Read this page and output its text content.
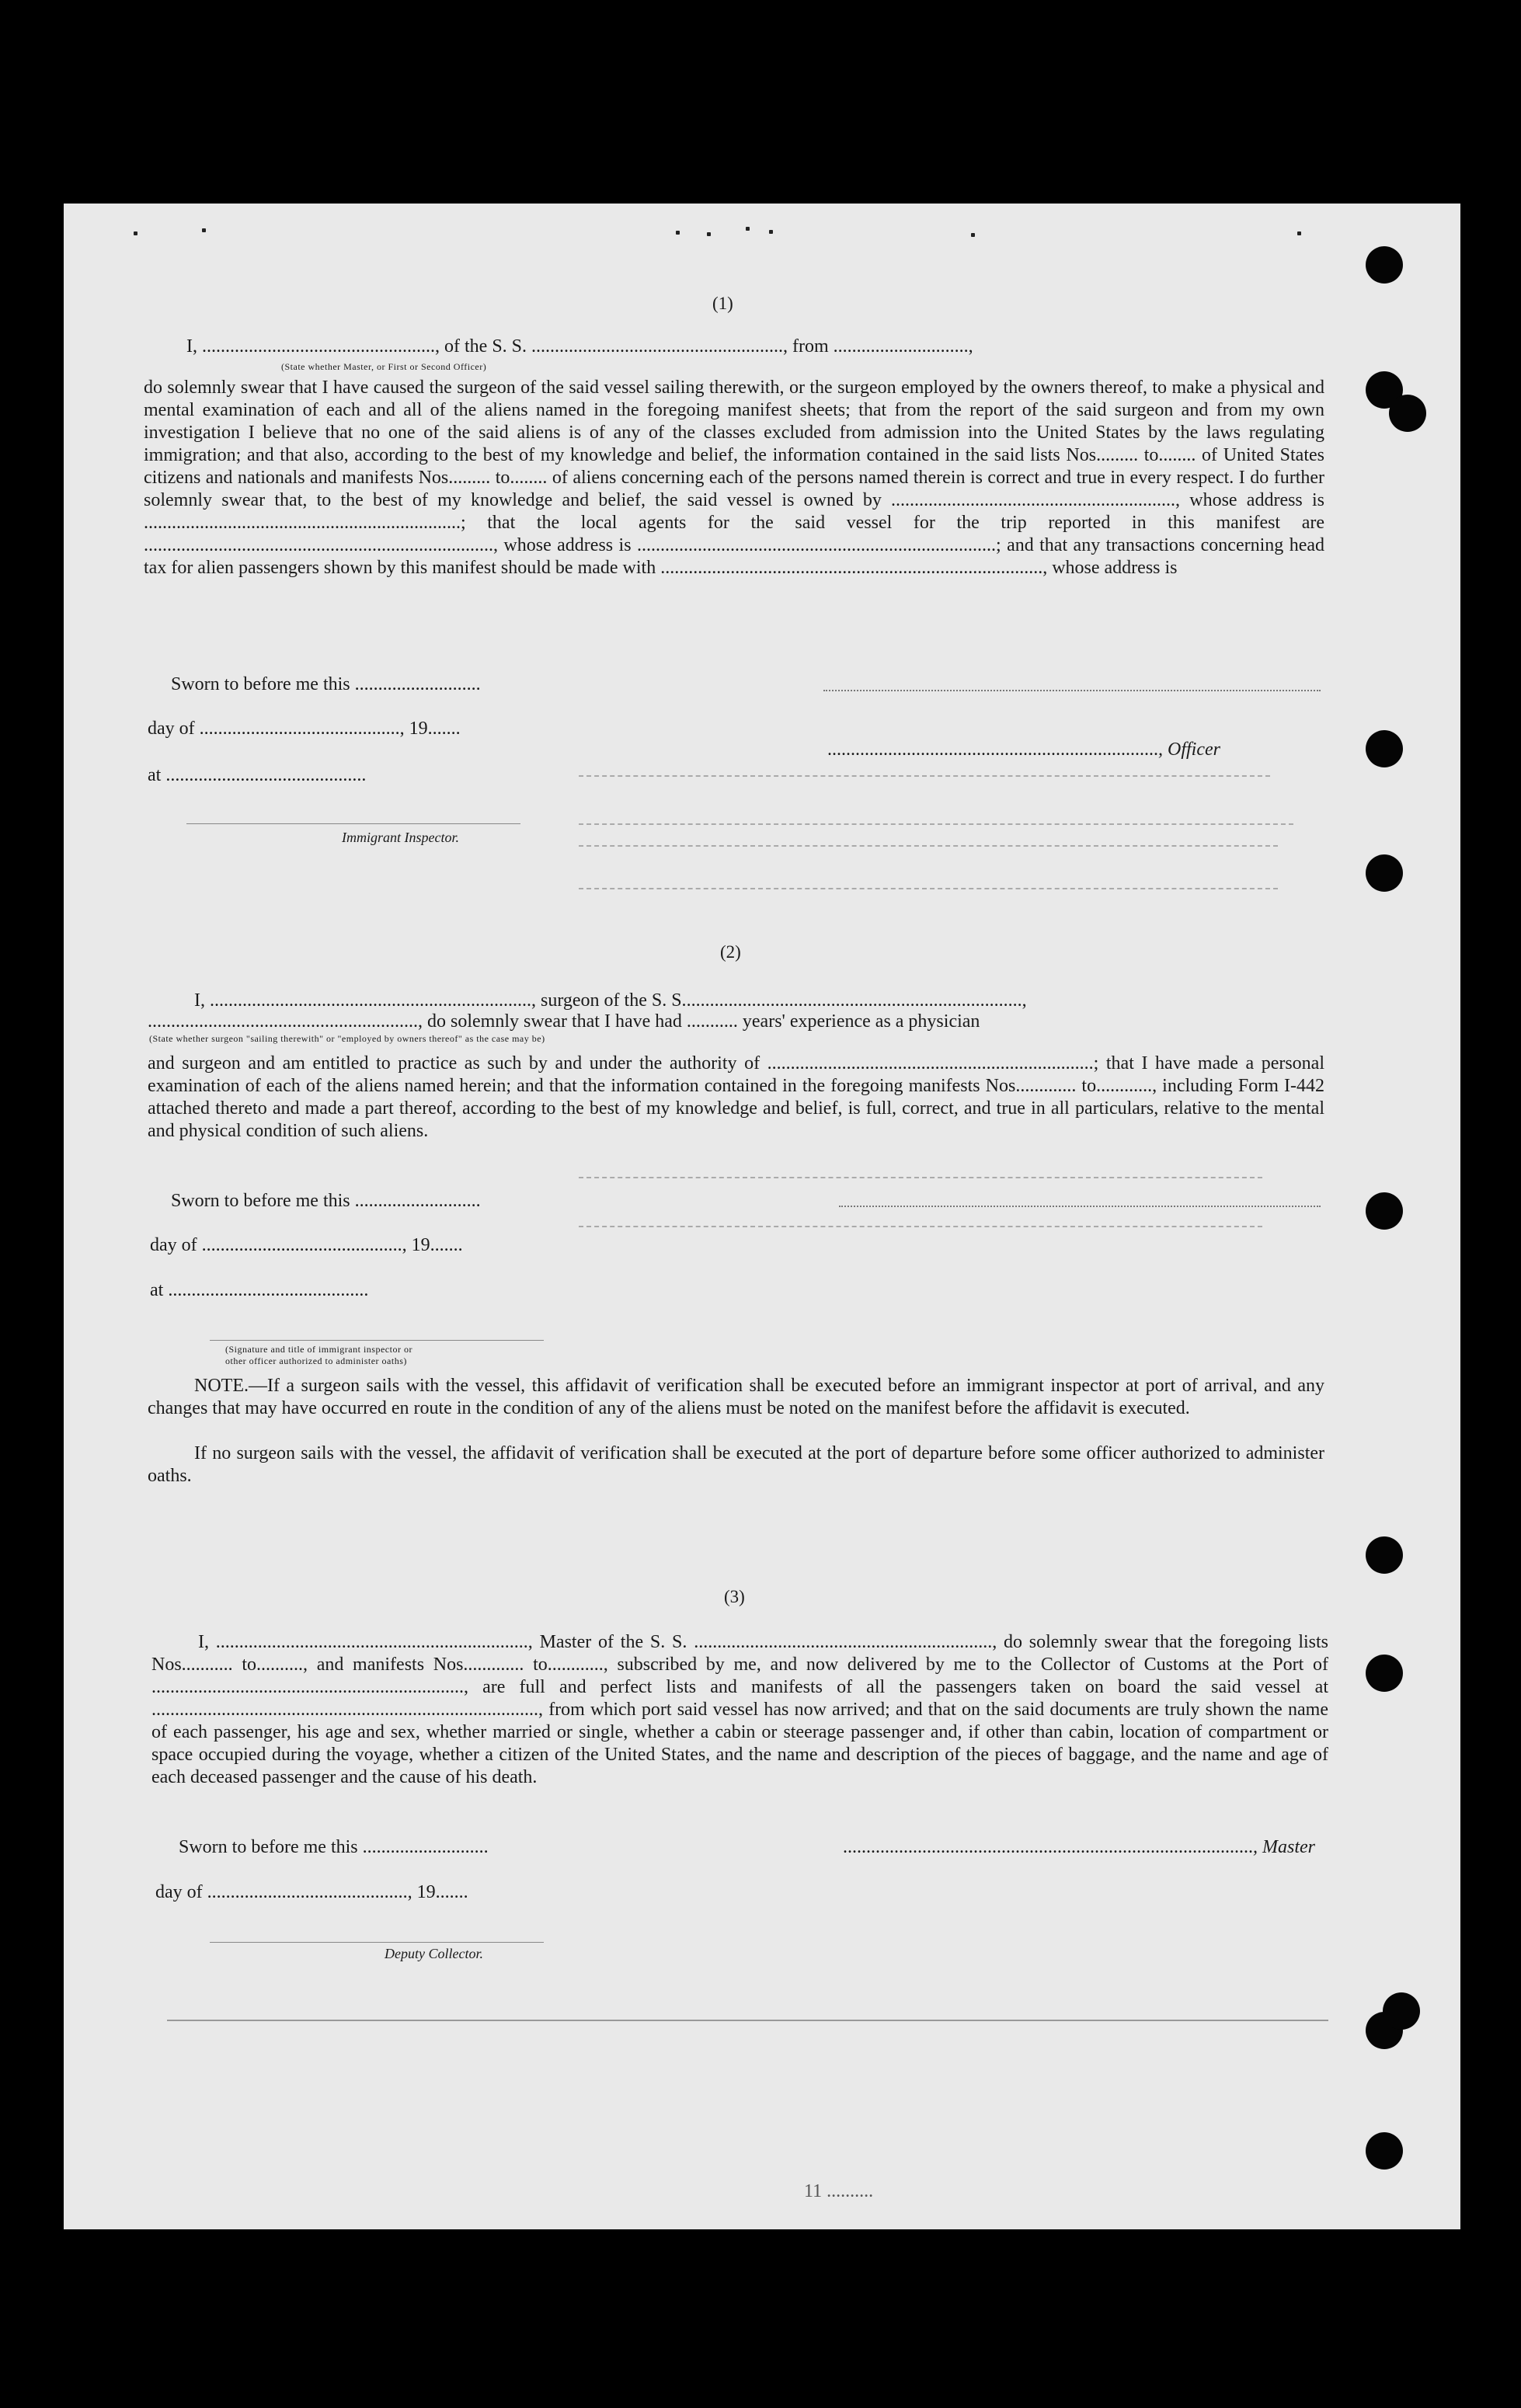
(1)
I, .................................................., of the S. S. ......................................................, from .............................,
(State whether Master, or First or Second Officer)
do solemnly swear that I have caused the surgeon of the said vessel sailing therewith, or the surgeon employed by the owners thereof, to make a physical and mental examination of each and all of the aliens named in the foregoing manifest sheets; that from the report of the said surgeon and from my own investigation I believe that no one of the said aliens is of any of the classes excluded from admission into the United States by the laws regulating immigration; and that also, according to the best of my knowledge and belief, the information contained in the said lists Nos......... to........ of United States citizens and nationals and manifests Nos......... to........ of aliens concerning each of the persons named therein is correct and true in every respect. I do further solemnly swear that, to the best of my knowledge and belief, the said vessel is owned by ............................................................., whose address is ....................................................................; that the local agents for the said vessel for the trip reported in this manifest are ..........................................................................., whose address is .............................................................................; and that any transactions concerning head tax for alien passengers shown by this manifest should be made with .................................................................................., whose address is
Sworn to before me this ...........................
day of ..........................................., 19.......
......................................................................., Officer
at ...........................................
Immigrant Inspector.
(2)
I, ....................................................................., surgeon of the S. S.........................................................................,
.........................................................., do solemnly swear that I have had ........... years' experience as a physician
(State whether surgeon "sailing therewith" or "employed by owners thereof" as the case may be)
and surgeon and am entitled to practice as such by and under the authority of ......................................................................; that I have made a personal examination of each of the aliens named herein; and that the information contained in the foregoing manifests Nos............. to............, including Form I-442 attached thereto and made a part thereof, according to the best of my knowledge and belief, is full, correct, and true in all particulars, relative to the mental and physical condition of such aliens.
Sworn to before me this ...........................
day of ..........................................., 19.......
at ...........................................
(Signature and title of immigrant inspector or
other officer authorized to administer oaths)
NOTE.—If a surgeon sails with the vessel, this affidavit of verification shall be executed before an immigrant inspector at port of arrival, and any changes that may have occurred en route in the condition of any of the aliens must be noted on the manifest before the affidavit is executed.
If no surgeon sails with the vessel, the affidavit of verification shall be executed at the port of departure before some officer authorized to administer oaths.
(3)
I, ..................................................................., Master of the S. S. ................................................................, do solemnly swear that the foregoing lists Nos........... to.........., and manifests Nos............. to............, subscribed by me, and now delivered by me to the Collector of Customs at the Port of ..................................................................., are full and perfect lists and manifests of all the passengers taken on board the said vessel at ..................................................................................., from which port said vessel has now arrived; and that on the said documents are truly shown the name of each passenger, his age and sex, whether married or single, whether a cabin or steerage passenger and, if other than cabin, location of compartment or space occupied during the voyage, whether a citizen of the United States, and the name and description of the pieces of baggage, and the name and age of each deceased passenger and the cause of his death.
Sworn to before me this ...........................	........................................................................................, Master
day of ..........................................., 19.......
Deputy Collector.
11 ..........
